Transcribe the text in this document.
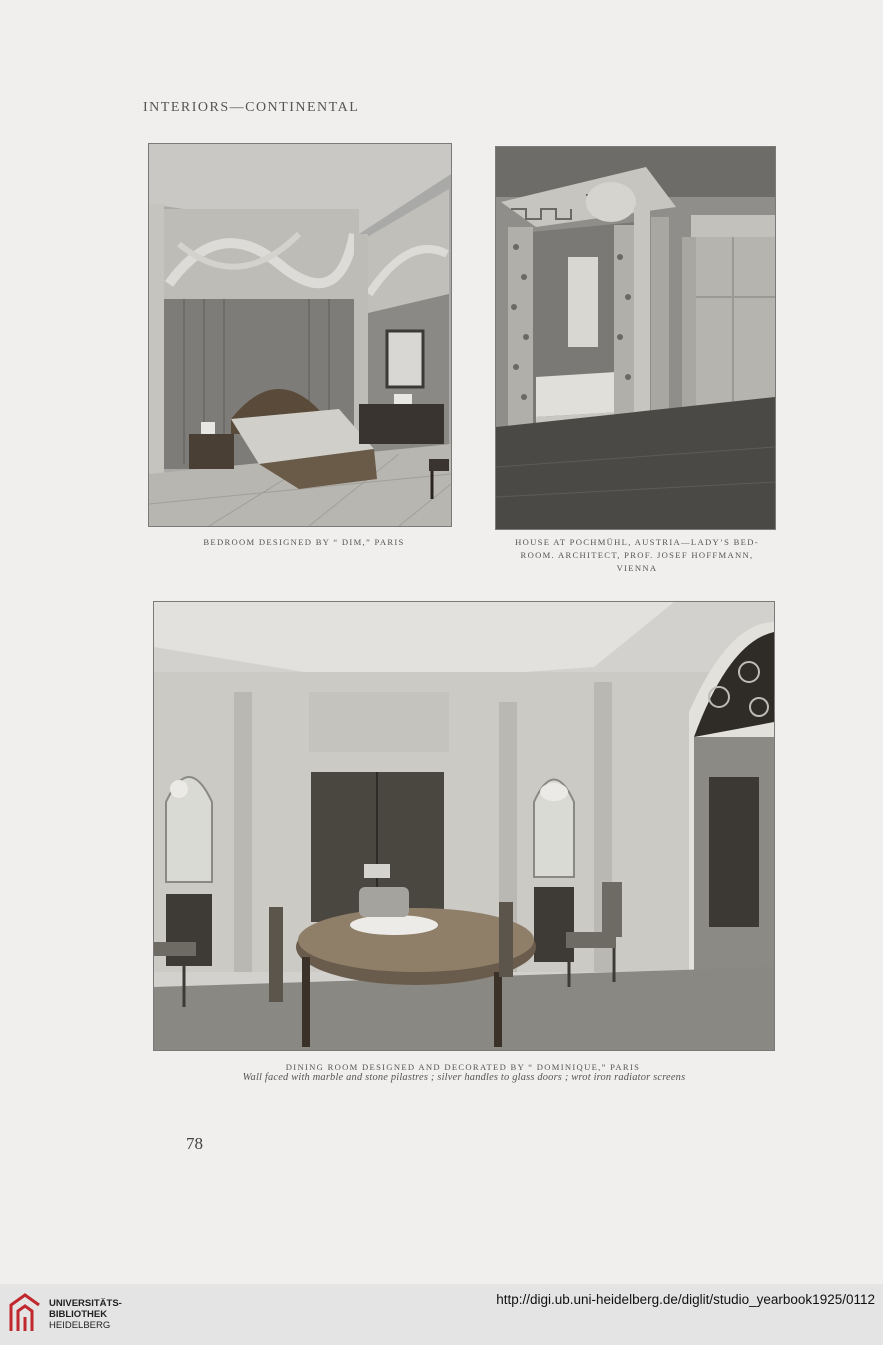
INTERIORS—CONTINENTAL
BEDROOM DESIGNED BY “ DIM,” PARIS	HOUSE AT POCHMÜHL, AUSTRIA—LADY’S BED-
ROOM. ARCHITECT, PROF. JOSEF HOFFMANN,
VIENNA
DINING ROOM DESIGNED AND DECORATED BY “ DOMINIQUE,” PARIS
Wall faced with marble and stone pilastres ; silver handles to glass doors ; wrot iron radiator screens
78
UNIVERSITÄTS-
BIBLIOTHEK
HEIDELBERG
http://digi.ub.uni-heidelberg.de/diglit/studio_yearbook1925/0112
